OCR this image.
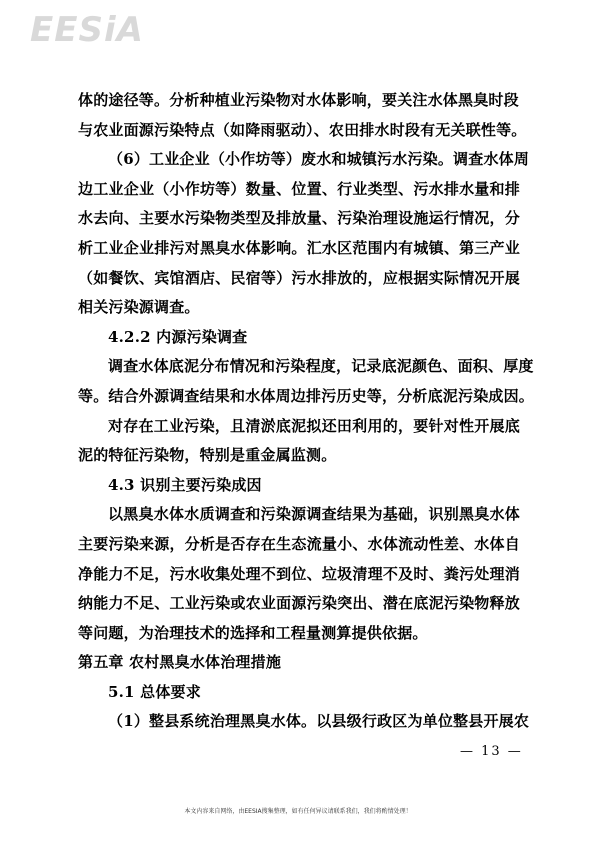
EESiA
体的途径等。分析种植业污染物对水体影响，要关注水体黑臭时段
与农业面源污染特点（如降雨驱动）、农田排水时段有无关联性等。
（6）工业企业（小作坊等）废水和城镇污水污染。调查水体周
边工业企业（小作坊等）数量、位置、行业类型、污水排水量和排
水去向、主要水污染物类型及排放量、污染治理设施运行情况，分
析工业企业排污对黑臭水体影响。汇水区范围内有城镇、第三产业
（如餐饮、宾馆酒店、民宿等）污水排放的，应根据实际情况开展
相关污染源调查。
4.2.2 内源污染调查
调查水体底泥分布情况和污染程度，记录底泥颜色、面积、厚度
等。结合外源调查结果和水体周边排污历史等，分析底泥污染成因。
对存在工业污染，且清淤底泥拟还田利用的，要针对性开展底
泥的特征污染物，特别是重金属监测。
4.3 识别主要污染成因
以黑臭水体水质调查和污染源调查结果为基础，识别黑臭水体
主要污染来源，分析是否存在生态流量小、水体流动性差、水体自
净能力不足，污水收集处理不到位、垃圾清理不及时、粪污处理消
纳能力不足、工业污染或农业面源污染突出、潜在底泥污染物释放
等问题，为治理技术的选择和工程量测算提供依据。
第五章 农村黑臭水体治理措施
5.1 总体要求
（1）整县系统治理黑臭水体。以县级行政区为单位整县开展农
— 13 —
本文内容来自网络，由EESIA搜集整理，如有任何异议请联系我们，我们将酌情处理！
